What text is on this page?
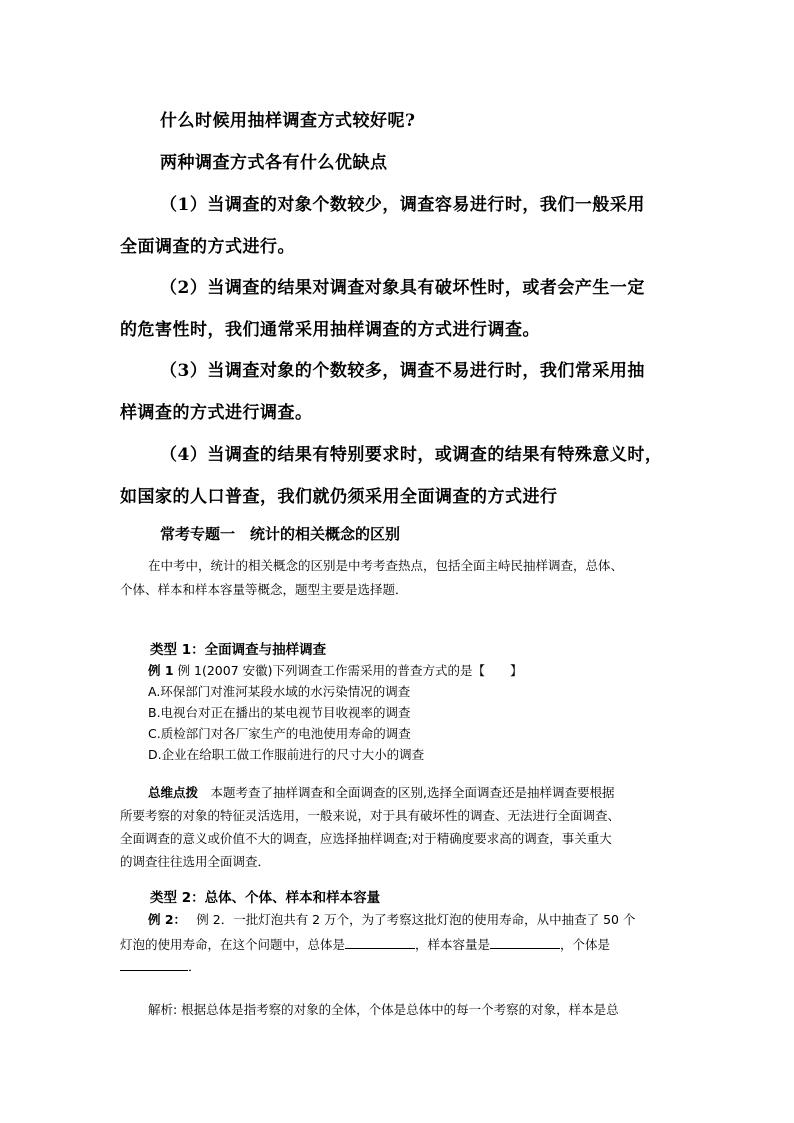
什么时候用抽样调查方式较好呢?
两种调查方式各有什么优缺点
（1）当调查的对象个数较少，调查容易进行时，我们一般采用
全面调查的方式进行。
（2）当调查的结果对调查对象具有破坏性时，或者会产生一定
的危害性时，我们通常采用抽样调查的方式进行调查。
（3）当调查对象的个数较多，调查不易进行时，我们常采用抽
样调查的方式进行调查。
（4）当调查的结果有特别要求时，或调查的结果有特殊意义时，
如国家的人口普查，我们就仍须采用全面调查的方式进行
常考专题一　统计的相关概念的区别
在中考中，统计的相关概念的区别是中考考查热点，包括全面主峙民抽样调查，总体、
个体、样本和样本容量等概念，题型主要是选择题．
类型 1：全面调查与抽样调查
例 1 例 1(2007 安徽)下列调查工作需采用的普查方式的是【　　】
A.环保部门对淮河某段水域的水污染情况的调查
B.电视台对正在播出的某电视节目收视率的调查
C.质检部门对各厂家生产的电池使用寿命的调查
D.企业在给职工做工作服前进行的尺寸大小的调查
总维点拨　本题考查了抽样调查和全面调查的区别,选择全面调查还是抽样调查要根据
所要考察的对象的特征灵活选用，一般来说，对于具有破坏性的调查、无法进行全面调查、
全面调查的意义或价值不大的调查，应选择抽样调查;对于精确度要求高的调查，事关重大
的调查往往选用全面调查．
类型 2：总体、个体、样本和样本容量
例 2：　 例 2．一批灯泡共有 2 万个，为了考察这批灯泡的使用寿命，从中抽查了 50 个
灯泡的使用寿命，在这个问题中，总体是	，样本容量是	，个体是
．
解析: 根据总体是指考察的对象的全体，个体是总体中的每一个考察的对象，样本是总
